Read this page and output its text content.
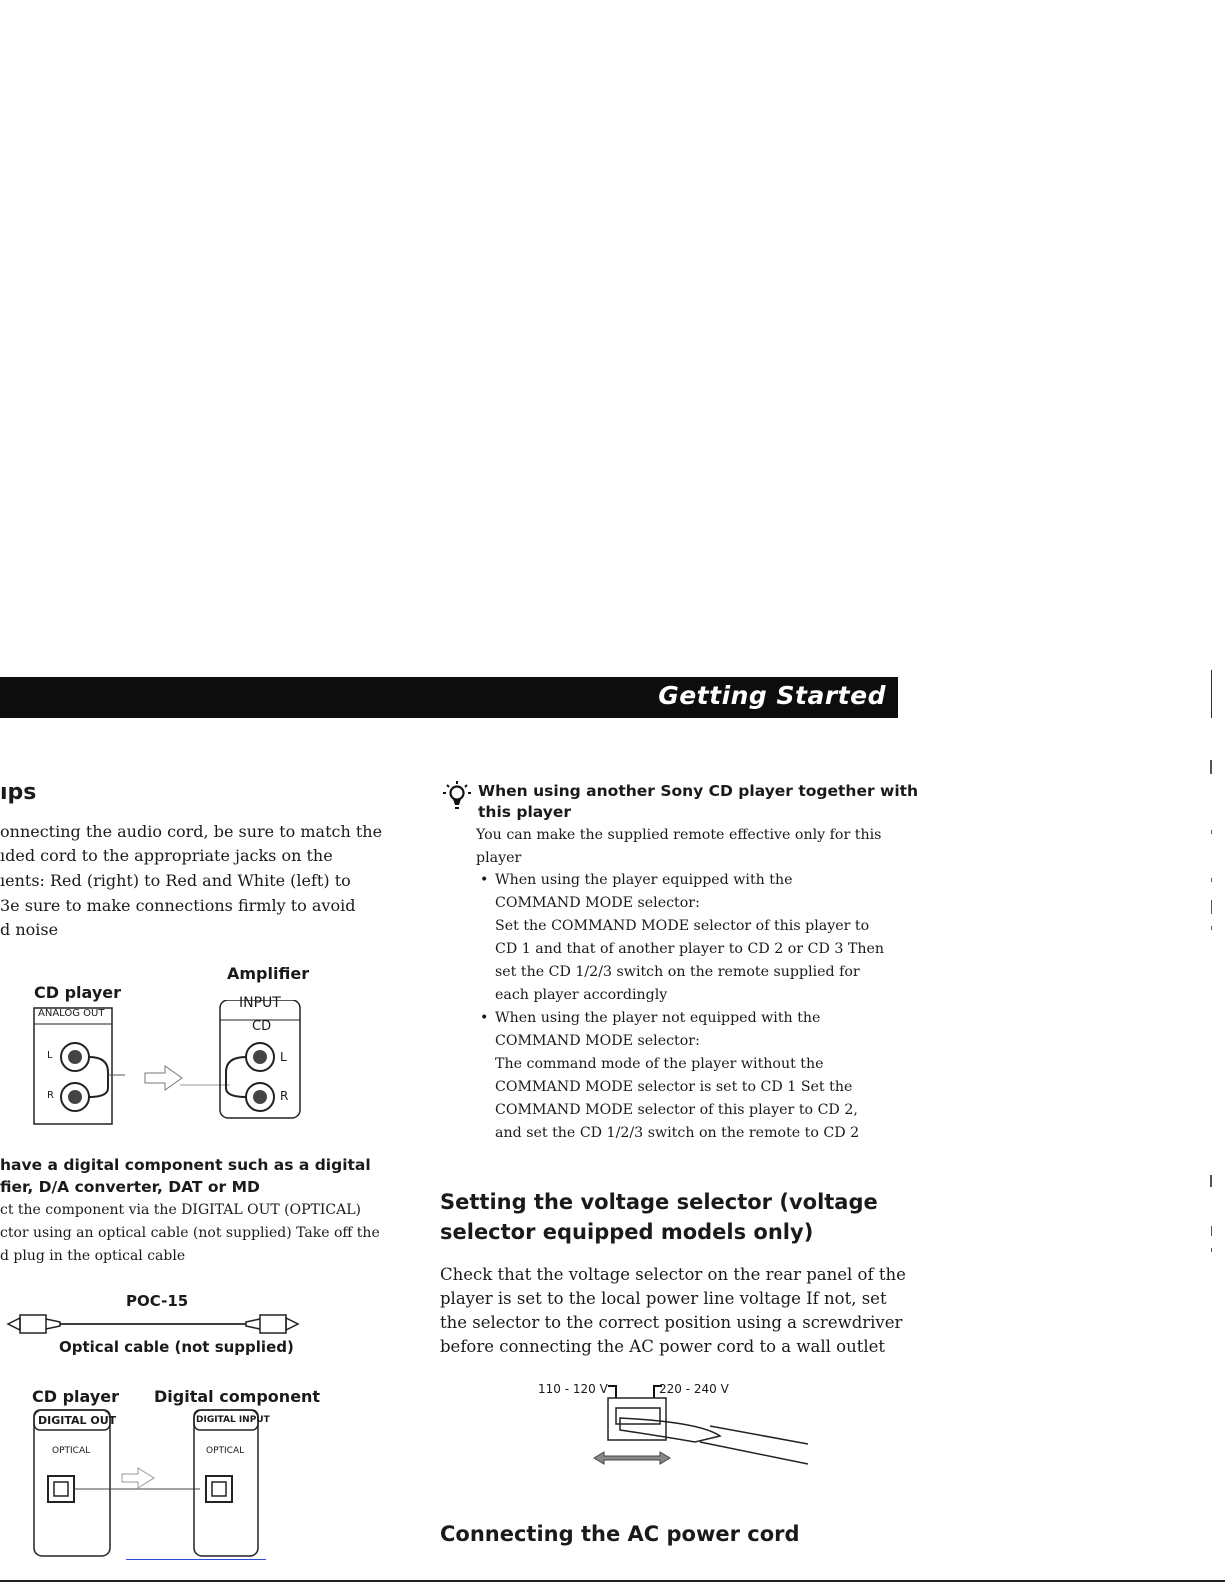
Getting Started
ıps
onnecting the audio cord, be sure to match the
ıded cord to the appropriate jacks on the
ıents: Red (right) to Red and White (left) to
3e sure to make connections firmly to avoid
d noise
Amplifier
CD player
ANALOG OUT
INPUT
CD
L
R
L
R
have a digital component such as a digital
fier, D/A converter, DAT or MD
ct the component via the DIGITAL OUT (OPTICAL)
ctor using an optical cable (not supplied) Take off the
d plug in the optical cable
POC-15
Optical cable (not supplied)
CD player Digital component
DIGITAL OUT	DIGITAL INPUT
OPTICAL	OPTICAL
When using another Sony CD player together with
this player
You can make the supplied remote effective only for this
player
• When using the player equipped with the
COMMAND MODE selector:
Set the COMMAND MODE selector of this player to
CD 1 and that of another player to CD 2 or CD 3 Then
set the CD 1/2/3 switch on the remote supplied for
each player accordingly
• When using the player not equipped with the
COMMAND MODE selector:
The command mode of the player without the
COMMAND MODE selector is set to CD 1 Set the
COMMAND MODE selector of this player to CD 2,
and set the CD 1/2/3 switch on the remote to CD 2
Setting the voltage selector (voltage
selector equipped models only)
Check that the voltage selector on the rear panel of the
player is set to the local power line voltage If not, set
the selector to the correct position using a screwdriver
before connecting the AC power cord to a wall outlet
110 - 120 V	220 - 240 V
Connecting the AC power cord
